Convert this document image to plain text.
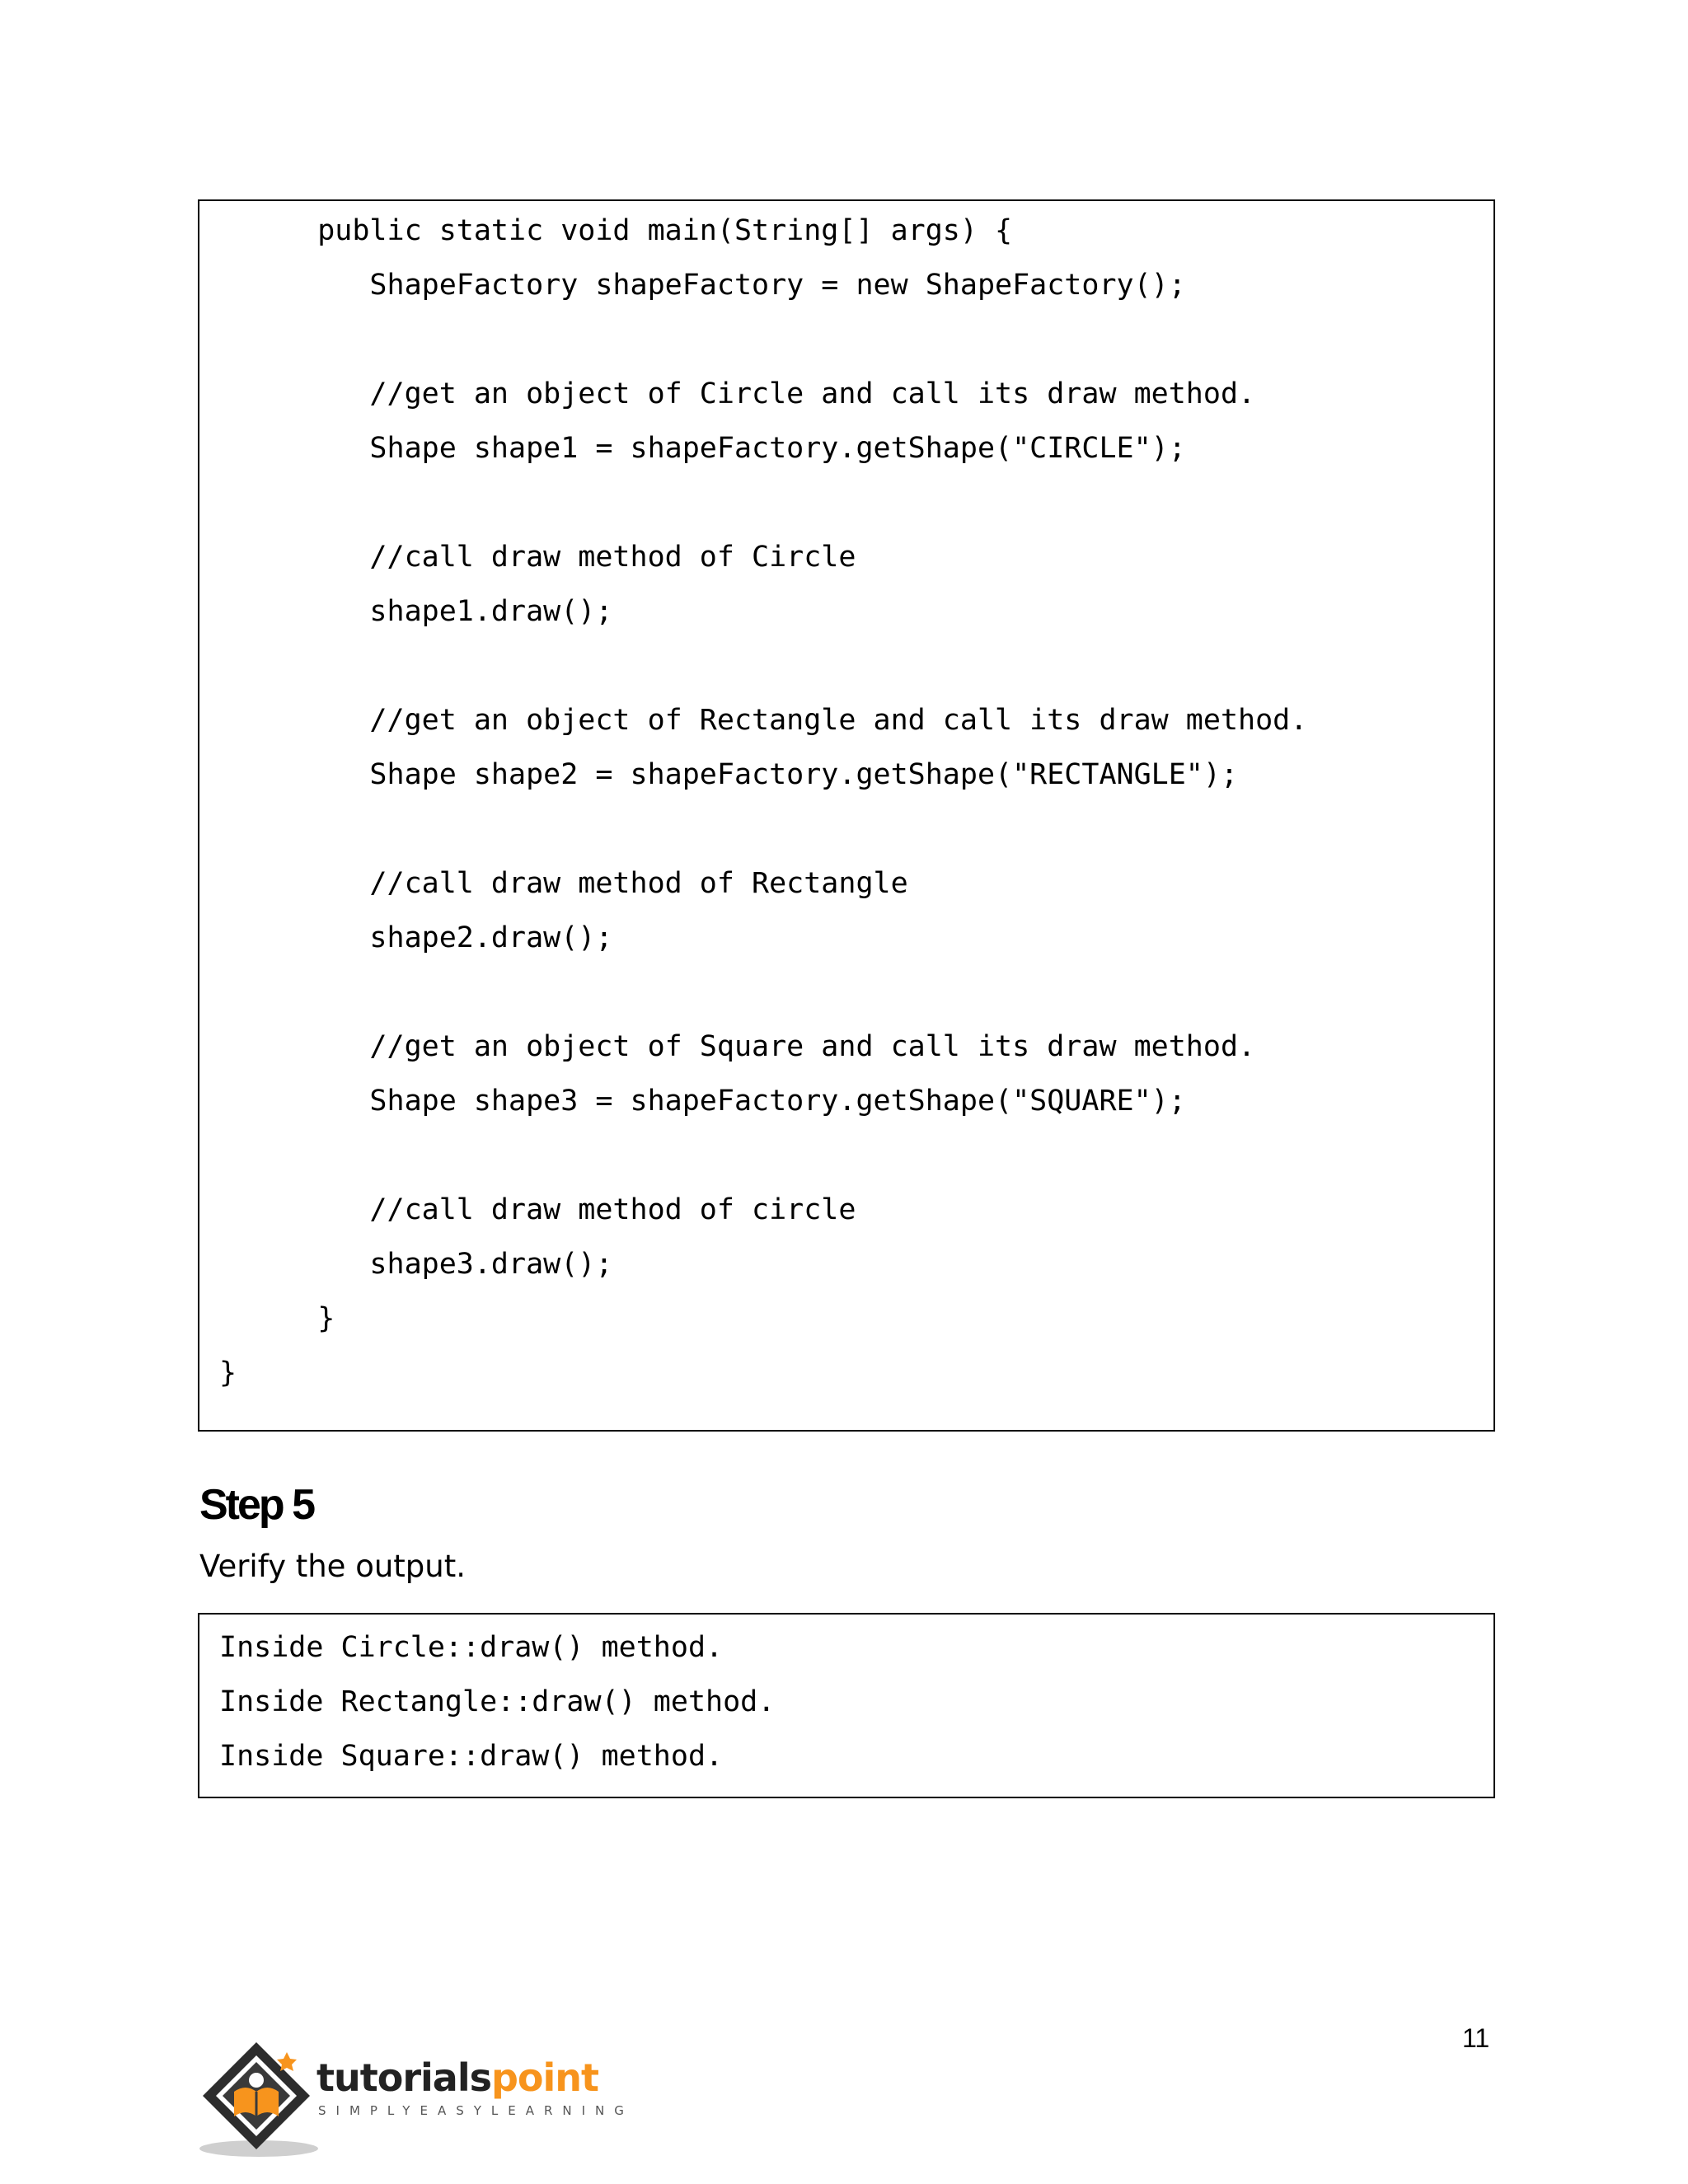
public static void main(String[] args) {
ShapeFactory shapeFactory = new ShapeFactory();
//get an object of Circle and call its draw method.
Shape shape1 = shapeFactory.getShape("CIRCLE");
//call draw method of Circle
shape1.draw();
//get an object of Rectangle and call its draw method.
Shape shape2 = shapeFactory.getShape("RECTANGLE");
//call draw method of Rectangle
shape2.draw();
//get an object of Square and call its draw method.
Shape shape3 = shapeFactory.getShape("SQUARE");
//call draw method of circle
shape3.draw();
}
}
Step 5

Verify the output.

Inside Circle::draw() method.
Inside Rectangle::draw() method.
Inside Square::draw() method.
11
tutorialspoint
SIMPLYEASYLEARNING
